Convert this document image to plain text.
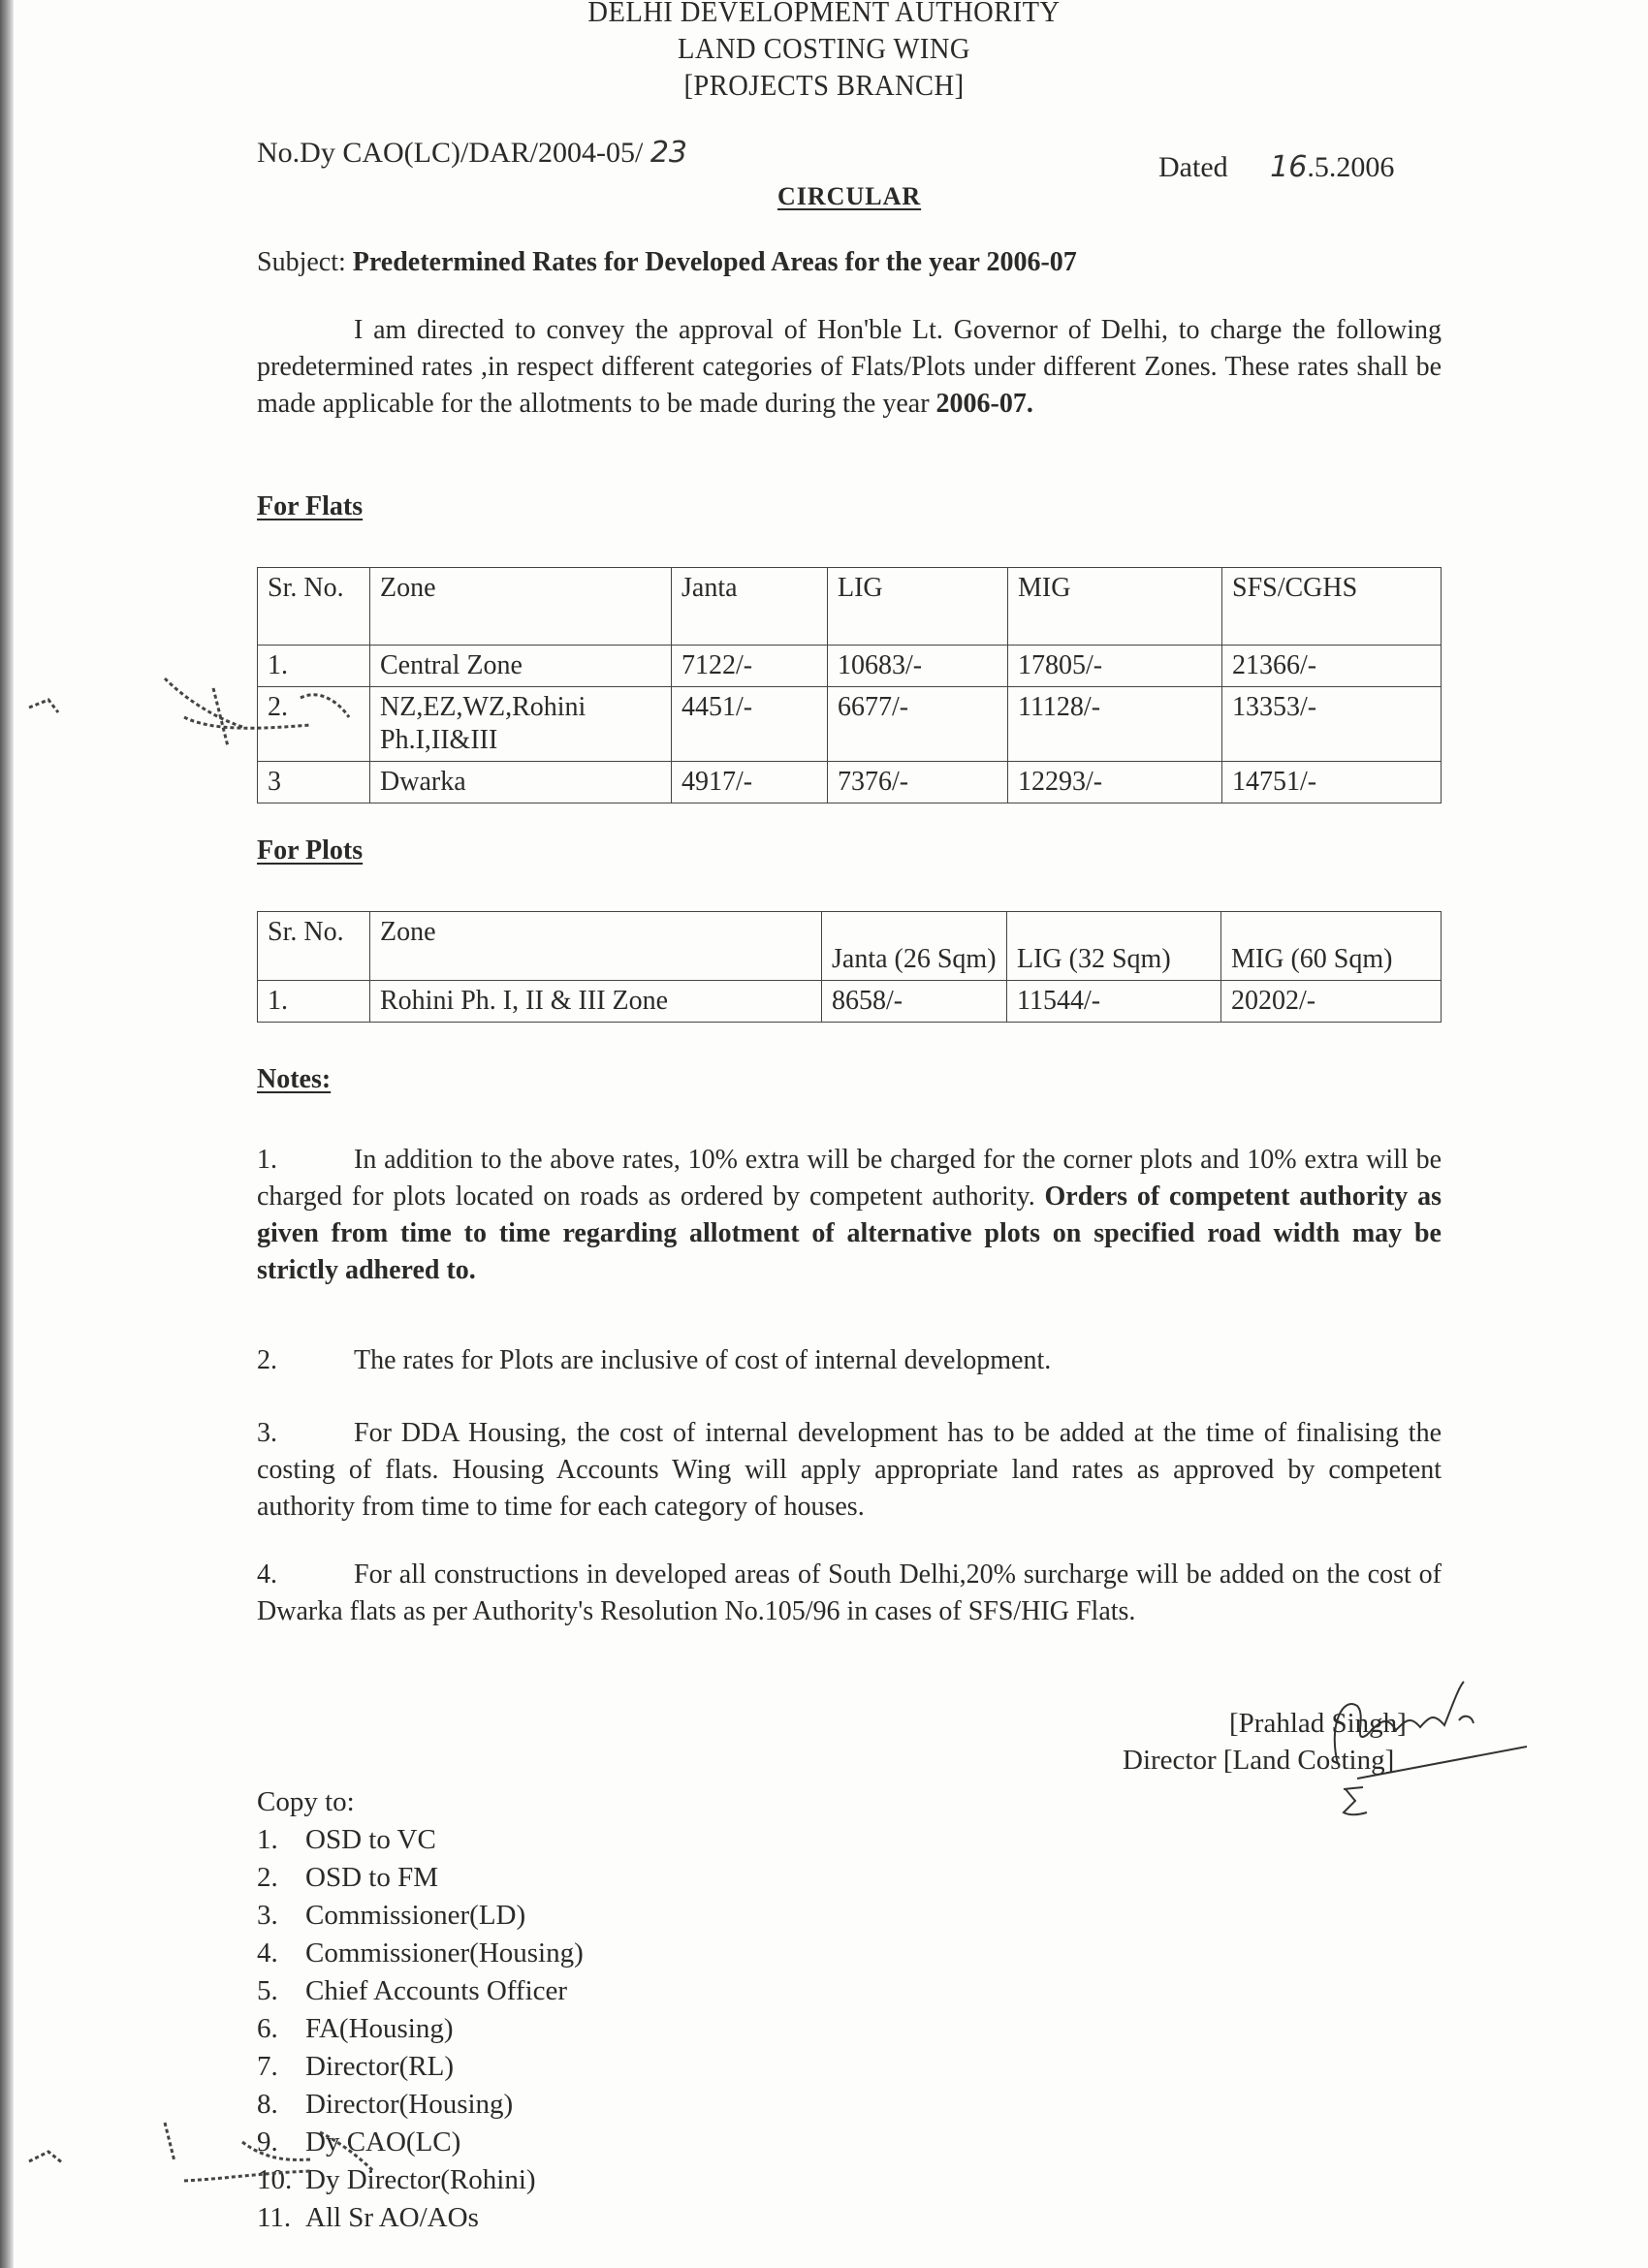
DELHI DEVELOPMENT AUTHORITY
LAND COSTING WING
[PROJECTS BRANCH]
No.Dy CAO(LC)/DAR/2004-05/ 23	Dated 16.5.2006
CIRCULAR
Subject: Predetermined Rates for Developed Areas for the year 2006-07
I am directed to convey the approval of Hon'ble Lt. Governor of Delhi, to charge the following predetermined rates ,in respect different categories of Flats/Plots under different Zones. These rates shall be made applicable for the allotments to be made during the year 2006-07.
For Flats
Sr. No.	Zone	Janta	LIG	MIG	SFS/CGHS
1.	Central Zone	7122/-	10683/-	17805/-	21366/-
2.	NZ,EZ,WZ,Rohini Ph.I,II&III	4451/-	6677/-	11128/-	13353/-
3	Dwarka	4917/-	7376/-	12293/-	14751/-
For Plots
Sr. No.	Zone	Janta (26 Sqm)	LIG (32 Sqm)	MIG (60 Sqm)
1.	Rohini Ph. I, II & III Zone	8658/-	11544/-	20202/-
Notes:
1.	In addition to the above rates, 10% extra will be charged for the corner plots and 10% extra will be charged for plots located on roads as ordered by competent authority. Orders of competent authority as given from time to time regarding allotment of alternative plots on specified road width may be strictly adhered to.
2.	The rates for Plots are inclusive of cost of internal development.
3.	For DDA Housing, the cost of internal development has to be added at the time of finalising the costing of flats. Housing Accounts Wing will apply appropriate land rates as approved by competent authority from time to time for each category of houses.
4.	For all constructions in developed areas of South Delhi,20% surcharge will be added on the cost of Dwarka flats as per Authority's Resolution No.105/96 in cases of SFS/HIG Flats.
[Prahlad Singh]
Director [Land Costing]
Copy to:
1. OSD to VC
2. OSD to FM
3. Commissioner(LD)
4. Commissioner(Housing)
5. Chief Accounts Officer
6. FA(Housing)
7. Director(RL)
8. Director(Housing)
9. Dy CAO(LC)
10. Dy Director(Rohini)
11. All Sr AO/AOs
